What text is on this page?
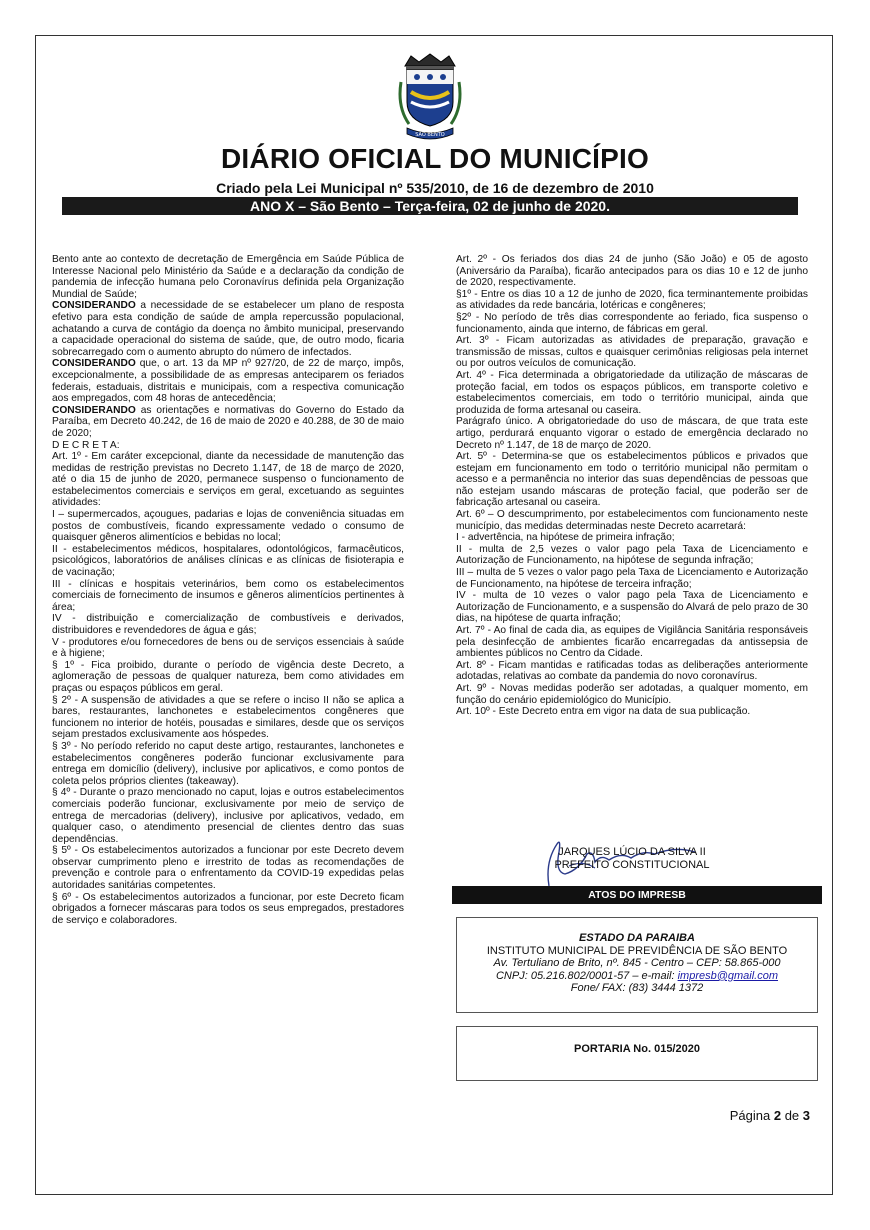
SÃO BENTO
DIÁRIO OFICIAL DO MUNICÍPIO
Criado pela Lei Municipal nº 535/2010, de 16 de dezembro de 2010
ANO X – São Bento – Terça-feira, 02 de junho de 2020.

Bento ante ao contexto de decretação de Emergência em Saúde Pública de Interesse Nacional pelo Ministério da Saúde e a declaração da condição de pandemia de infecção humana pelo Coronavírus definida pela Organização Mundial de Saúde;

CONSIDERANDO a necessidade de se estabelecer um plano de resposta efetivo para esta condição de saúde de ampla repercussão populacional, achatando a curva de contágio da doença no âmbito municipal, preservando a capacidade operacional do sistema de saúde, que, de outro modo, ficaria sobrecarregado com o aumento abrupto do número de infectados.

CONSIDERANDO que, o art. 13 da MP nº 927/20, de 22 de março, impôs, excepcionalmente, a possibilidade de as empresas anteciparem os feriados federais, estaduais, distritais e municipais, com a respectiva comunicação aos empregados, com 48 horas de antecedência;

CONSIDERANDO as orientações e normativas do Governo do Estado da Paraíba, em Decreto 40.242, de 16 de maio de 2020 e 40.288, de 30 de maio de 2020;

D E C R E T A:

Art. 1º - Em caráter excepcional, diante da necessidade de manutenção das medidas de restrição previstas no Decreto 1.147, de 18 de março de 2020, até o dia 15 de junho de 2020, permanece suspenso o funcionamento de estabelecimentos comerciais e serviços em geral, excetuando as seguintes atividades:

I – supermercados, açougues, padarias e lojas de conveniência situadas em postos de combustíveis, ficando expressamente vedado o consumo de quaisquer gêneros alimentícios e bebidas no local;

II - estabelecimentos médicos, hospitalares, odontológicos, farmacêuticos, psicológicos, laboratórios de análises clínicas e as clínicas de fisioterapia e de vacinação;

III - clínicas e hospitais veterinários, bem como os estabelecimentos comerciais de fornecimento de insumos e gêneros alimentícios pertinentes à área;

IV - distribuição e comercialização de combustíveis e derivados, distribuidores e revendedores de água e gás;

V - produtores e/ou fornecedores de bens ou de serviços essenciais à saúde e à higiene;

§ 1º - Fica proibido, durante o período de vigência deste Decreto, a aglomeração de pessoas de qualquer natureza, bem como atividades em praças ou espaços públicos em geral.

§ 2º - A suspensão de atividades a que se refere o inciso II não se aplica a bares, restaurantes, lanchonetes e estabelecimentos congêneres que funcionem no interior de hotéis, pousadas e similares, desde que os serviços sejam prestados exclusivamente aos hóspedes.

§ 3º - No período referido no caput deste artigo, restaurantes, lanchonetes e estabelecimentos congêneres poderão funcionar exclusivamente para entrega em domicílio (delivery), inclusive por aplicativos, e como pontos de coleta pelos próprios clientes (takeaway).

§ 4º - Durante o prazo mencionado no caput, lojas e outros estabelecimentos comerciais poderão funcionar, exclusivamente por meio de serviço de entrega de mercadorias (delivery), inclusive por aplicativos, vedado, em qualquer caso, o atendimento presencial de clientes dentro das suas dependências.

§ 5º - Os estabelecimentos autorizados a funcionar por este Decreto devem observar cumprimento pleno e irrestrito de todas as recomendações de prevenção e controle para o enfrentamento da COVID-19 expedidas pelas autoridades sanitárias competentes.

§ 6º - Os estabelecimentos autorizados a funcionar, por este Decreto ficam obrigados a fornecer máscaras para todos os seus empregados, prestadores de serviço e colaboradores.

Art. 2º - Os feriados dos dias 24 de junho (São João) e 05 de agosto (Aniversário da Paraíba), ficarão antecipados para os dias 10 e 12 de junho de 2020, respectivamente.

§1º - Entre os dias 10 a 12 de junho de 2020, fica terminantemente proibidas as atividades da rede bancária, lotéricas e congêneres;

§2º - No período de três dias correspondente ao feriado, fica suspenso o funcionamento, ainda que interno, de fábricas em geral.

Art. 3º - Ficam autorizadas as atividades de preparação, gravação e transmissão de missas, cultos e quaisquer cerimônias religiosas pela internet ou por outros veículos de comunicação.

Art. 4º - Fica determinada a obrigatoriedade da utilização de máscaras de proteção facial, em todos os espaços públicos, em transporte coletivo e estabelecimentos comerciais, em todo o território municipal, ainda que produzida de forma artesanal ou caseira.

Parágrafo único. A obrigatoriedade do uso de máscara, de que trata este artigo, perdurará enquanto vigorar o estado de emergência declarado no Decreto nº 1.147, de 18 de março de 2020.

Art. 5º - Determina-se que os estabelecimentos públicos e privados que estejam em funcionamento em todo o território municipal não permitam o acesso e a permanência no interior das suas dependências de pessoas que não estejam usando máscaras de proteção facial, que poderão ser de fabricação artesanal ou caseira.

Art. 6º – O descumprimento, por estabelecimentos com funcionamento neste município, das medidas determinadas neste Decreto acarretará:

I - advertência, na hipótese de primeira infração;

II - multa de 2,5 vezes o valor pago pela Taxa de Licenciamento e Autorização de Funcionamento, na hipótese de segunda infração;

III – multa de 5 vezes o valor pago pela Taxa de Licenciamento e Autorização de Funcionamento, na hipótese de terceira infração;

IV - multa de 10 vezes o valor pago pela Taxa de Licenciamento e Autorização de Funcionamento, e a suspensão do Alvará de pelo prazo de 30 dias, na hipótese de quarta infração;

Art. 7º - Ao final de cada dia, as equipes de Vigilância Sanitária responsáveis pela desinfecção de ambientes ficarão encarregadas da antissepsia de ambientes públicos no Centro da Cidade.

Art. 8º - Ficam mantidas e ratificadas todas as deliberações anteriormente adotadas, relativas ao combate da pandemia do novo coronavírus.

Art. 9º - Novas medidas poderão ser adotadas, a qualquer momento, em função do cenário epidemiológico do Município.

Art. 10º - Este Decreto entra em vigor na data de sua publicação.

JARQUES LÚCIO DA SILVA II
PREFEITO CONSTITUCIONAL
ATOS DO IMPRESB
ESTADO DA PARAIBA
INSTITUTO MUNICIPAL DE PREVIDÊNCIA DE SÃO BENTO
Av. Tertuliano de Brito, nº. 845 - Centro – CEP: 58.865-000
CNPJ: 05.216.802/0001-57 – e-mail: impresb@gmail.com
Fone/ FAX: (83) 3444 1372
PORTARIA No. 015/2020
Página 2 de 3
